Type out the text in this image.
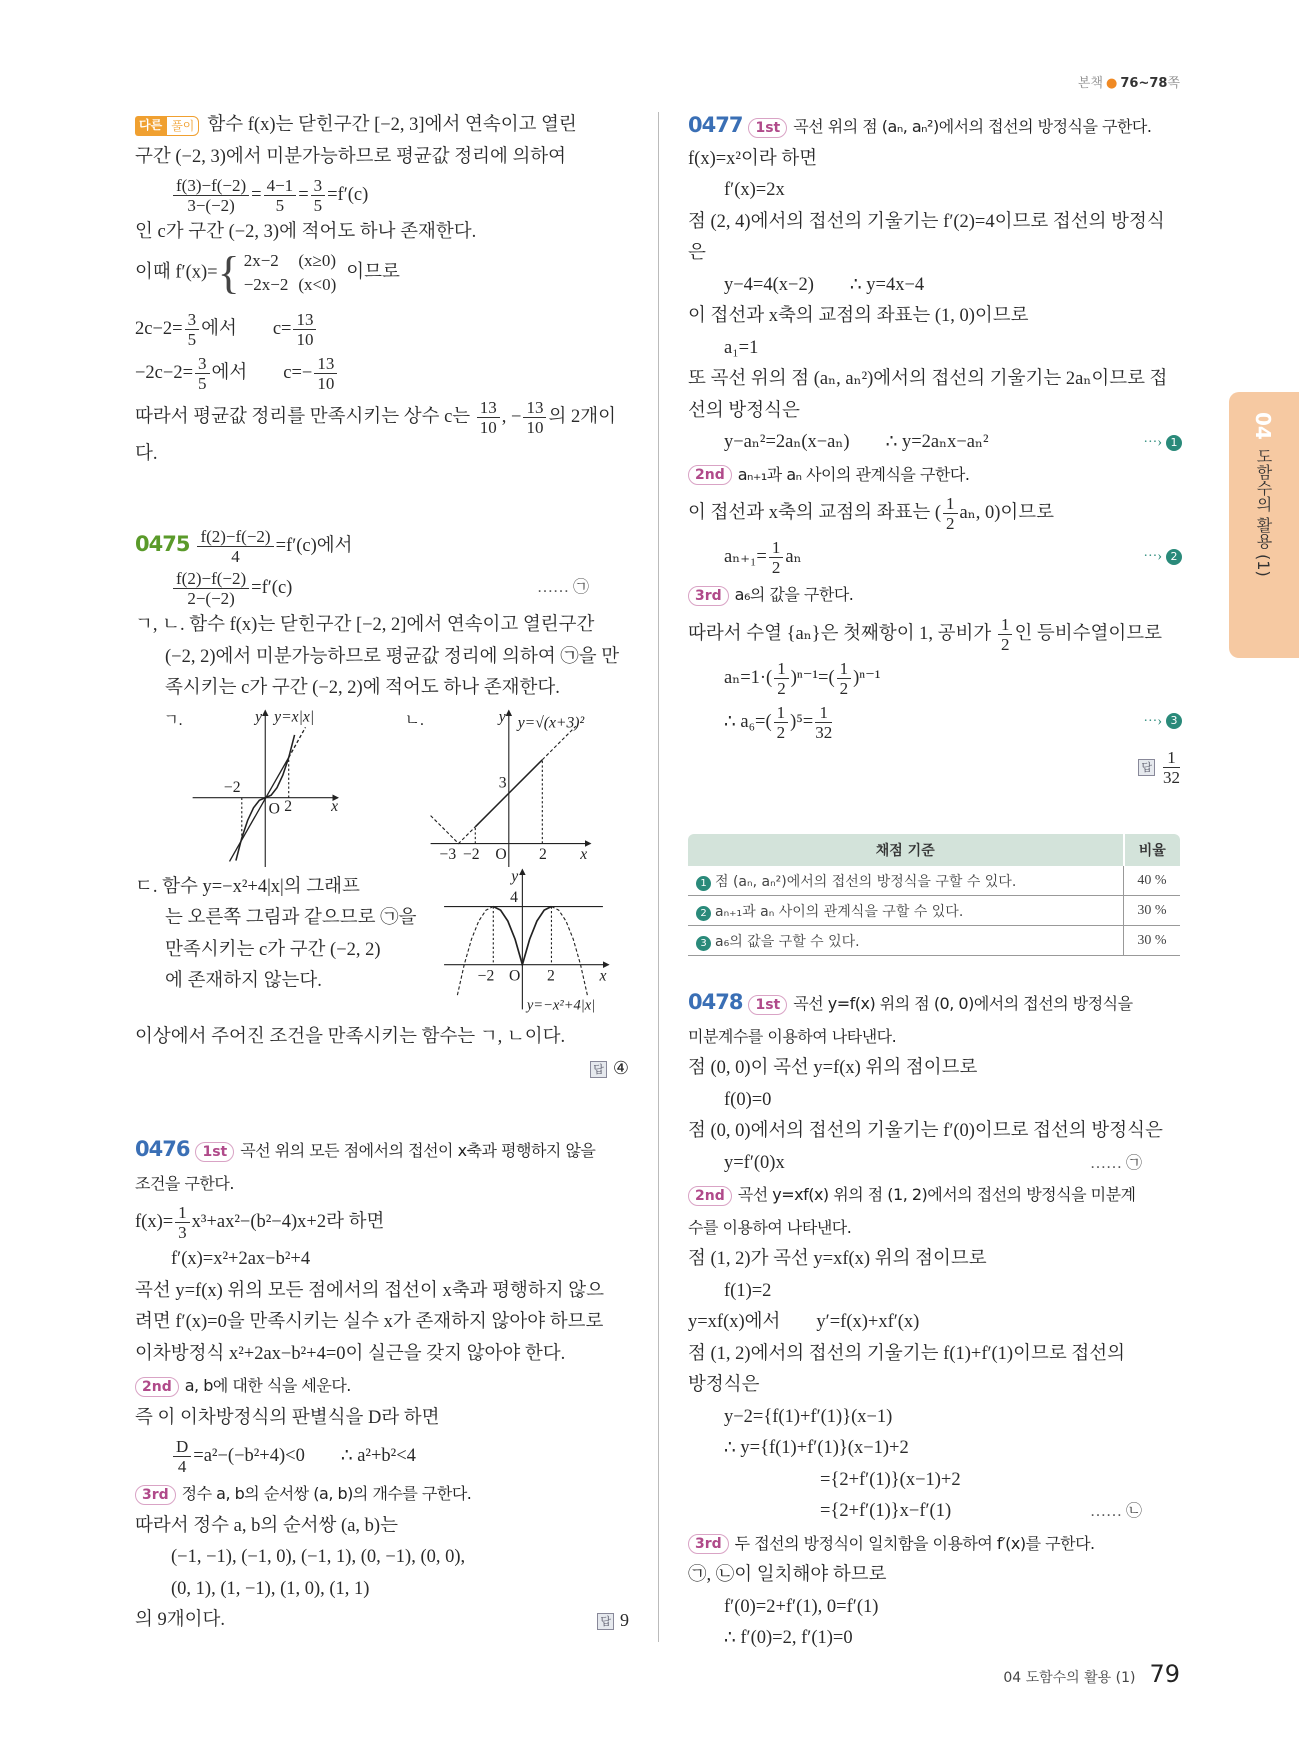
본책 ● 76~78쪽
다른 풀이 함수 f(x)는 닫힌구간 [−2, 3]에서 연속이고 열린
구간 (−2, 3)에서 미분가능하므로 평균값 정리에 의하여
$\frac{f(3)-f(-2)}{3-(-2)} = \frac{4-1}{5} = \frac{3}{5} =f'(c)$
인 c가 구간 (−2, 3)에 적어도 하나 존재한다.
이때 f′(x)= { 2x−2	(x≥0)
−2x−2	(x<0)
이므로
$2c-2= \frac{3}{5}$ 에서 $c= \frac{13}{10}$
$-2c-2= \frac{3}{5}$ 에서 $c=- \frac{13}{10}$
따라서 평균값 정리를 만족시키는 상수 c는 $\frac{13}{10}$ , − $\frac{13}{10}$ 의 2개이
다.
$0475 \frac{f(2)-f(-2)}{4} =f'(c)$에서
$\frac{f(2)-f(-2)}{2-(-2)} =f'(c)$	…… ㉠
ㄱ, ㄴ. 함수 f(x)는 닫힌구간 [−2, 2]에서 연속이고 열린구간
(−2, 2)에서 미분가능하므로 평균값 정리에 의하여 ㉠을 만
족시키는 c가 구간 (−2, 2)에 적어도 하나 존재한다.
ㄱ.	y y=x|x|
−2
O 2	x
ㄴ.	y y=√(x+3)²
3
−3 −2 O 2 x
ㄷ. 함수 y=−x²+4|x|의 그래프
는 오른쪽 그림과 같으므로 ㉠을
만족시키는 c가 구간 (−2, 2)
에 존재하지 않는다.
y
4
−2 O 2	x
y=−x²+4|x|
이상에서 주어진 조건을 만족시키는 함수는 ㄱ, ㄴ이다.
답 ④
0476 1st 곡선 위의 모든 점에서의 접선이 x축과 평행하지 않을
조건을 구한다.
$f(x)= \frac{1}{3} x^3+ax^2-(b^2-4)x+2$라 하면
f′(x)=x²+2ax−b²+4
곡선 y=f(x) 위의 모든 점에서의 접선이 x축과 평행하지 않으
려면 f′(x)=0을 만족시키는 실수 x가 존재하지 않아야 하므로
이차방정식 x²+2ax−b²+4=0이 실근을 갖지 않아야 한다.
2nd a, b에 대한 식을 세운다.
즉 이 이차방정식의 판별식을 D라 하면
$\frac{D}{4} =a^2-(-b^2+4)<0$ ∴ a²+b²<4
3rd 정수 a, b의 순서쌍 (a, b)의 개수를 구한다.
따라서 정수 a, b의 순서쌍 (a, b)는
(−1, −1), (−1, 0), (−1, 1), (0, −1), (0, 0),
(0, 1), (1, −1), (1, 0), (1, 1)
의 9개이다.	답 9
0477 1st 곡선 위의 점 (aₙ, aₙ²)에서의 접선의 방정식을 구한다.
f(x)=x²이라 하면
f′(x)=2x
점 (2, 4)에서의 접선의 기울기는 f′(2)=4이므로 접선의 방정식
은
y−4=4(x−2) ∴ y=4x−4
이 접선과 x축의 교점의 좌표는 (1, 0)이므로
a₁=1
또 곡선 위의 점 (aₙ, aₙ²)에서의 접선의 기울기는 2aₙ이므로 접
선의 방정식은
y−aₙ²=2aₙ(x−aₙ) ∴ y=2aₙx−aₙ²	···› 1
2nd aₙ₊₁과 aₙ 사이의 관계식을 구한다.
이 접선과 x축의 교점의 좌표는 ( $\frac{1}{2} a_n$, 0)이므로
$a_{n+1}= \frac{1}{2}$ aₙ	···› 2
3rd a₆의 값을 구한다.
따라서 수열 {aₙ}은 첫째항이 1, 공비가 $\frac{1}{2}$ 인 등비수열이므로
$a_n=1\cdot( \frac{1}{2} )^{n-1}=( \frac{1}{2} )^{n-1}$
∴ $a_6=( \frac{1}{2} )^5= \frac{1}{32}$	···› 3
답 $\frac{1}{32}$
채점 기준	비율
1 점 (aₙ, aₙ²)에서의 접선의 방정식을 구할 수 있다.	40 %
2 aₙ₊₁과 aₙ 사이의 관계식을 구할 수 있다.	30 %
3 a₆의 값을 구할 수 있다.	30 %
0478 1st 곡선 y=f(x) 위의 점 (0, 0)에서의 접선의 방정식을
미분계수를 이용하여 나타낸다.
점 (0, 0)이 곡선 y=f(x) 위의 점이므로
f(0)=0
점 (0, 0)에서의 접선의 기울기는 f′(0)이므로 접선의 방정식은
y=f′(0)x	…… ㉠
2nd 곡선 y=xf(x) 위의 점 (1, 2)에서의 접선의 방정식을 미분계
수를 이용하여 나타낸다.
점 (1, 2)가 곡선 y=xf(x) 위의 점이므로
f(1)=2
y=xf(x)에서 y′=f(x)+xf′(x)
점 (1, 2)에서의 접선의 기울기는 f(1)+f′(1)이므로 접선의
방정식은
y−2={f(1)+f′(1)}(x−1)
∴ y={f(1)+f′(1)}(x−1)+2
={2+f′(1)}(x−1)+2
={2+f′(1)}x−f′(1)	…… ㉡
3rd 두 접선의 방정식이 일치함을 이용하여 f′(x)를 구한다.
㉠, ㉡이 일치해야 하므로
f′(0)=2+f′(1), 0=f′(1)
∴ f′(0)=2, f′(1)=0
04도함수의 활용 (1)
04 도함수의 활용 (1) 79
